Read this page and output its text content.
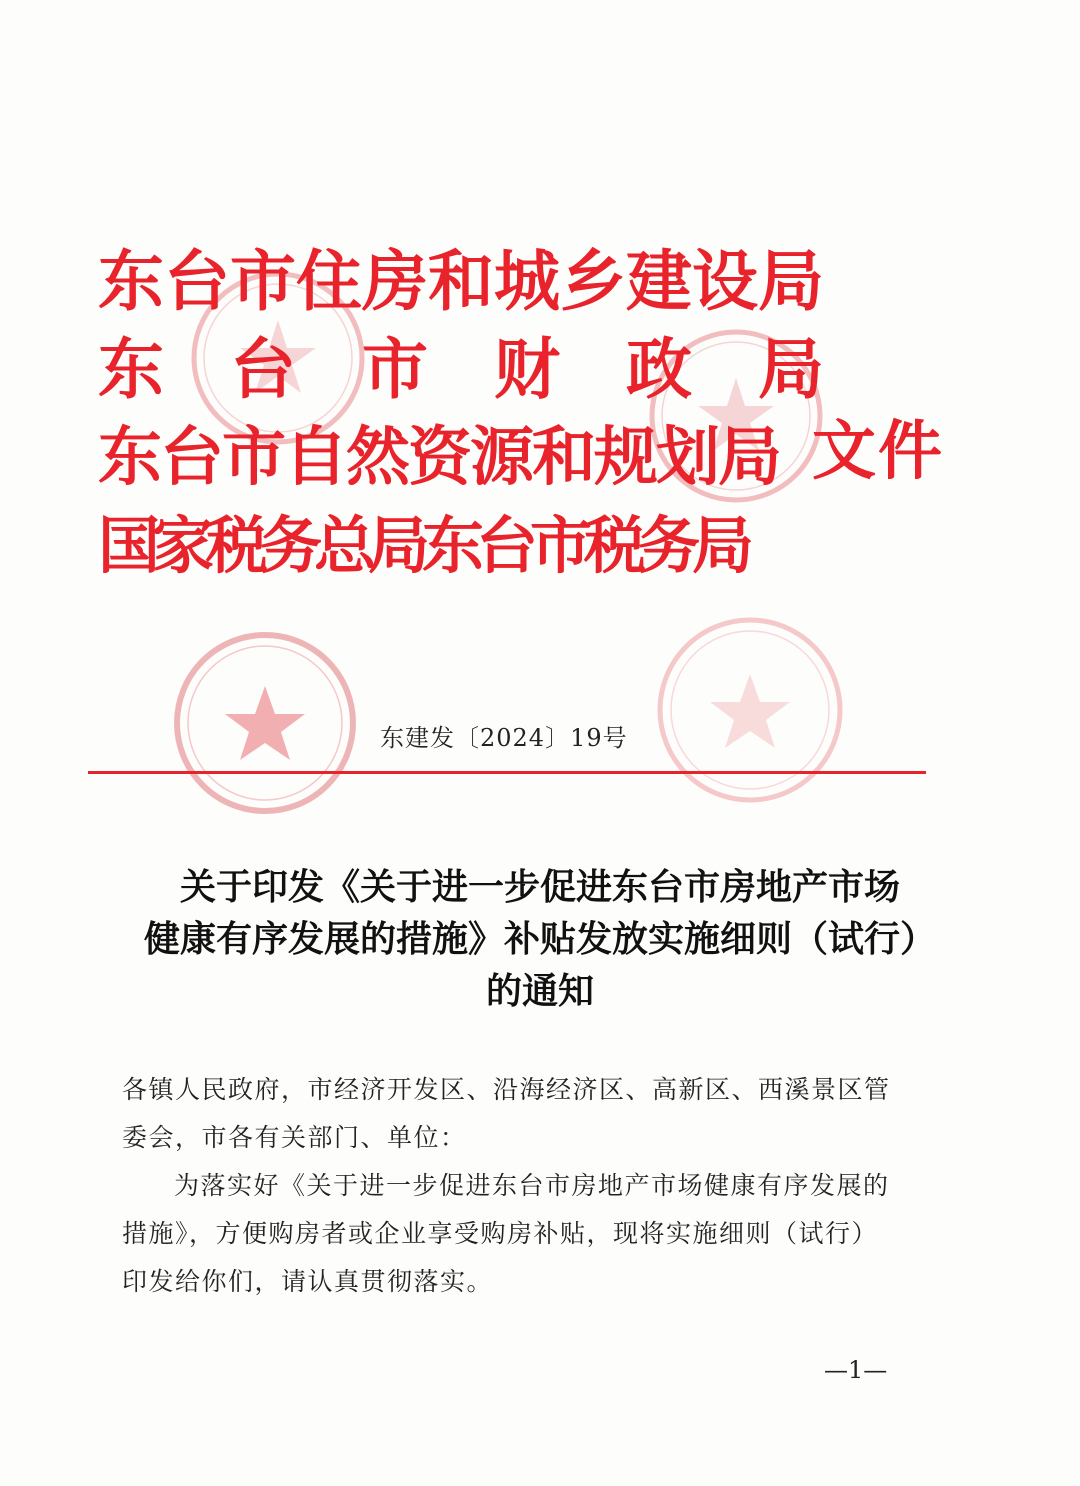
东台市住房和城乡建设局
东台市财政局
东台市自然资源和规划局
国家税务总局东台市税务局
文件
东建发〔2024〕19号
关于印发《关于进一步促进东台市房地产市场
健康有序发展的措施》补贴发放实施细则（试行）
的通知

各镇人民政府，市经济开发区、沿海经济区、高新区、西溪景区管委会，市各有关部门、单位：

为落实好《关于进一步促进东台市房地产市场健康有序发展的措施》，方便购房者或企业享受购房补贴，现将实施细则（试行）印发给你们，请认真贯彻落实。

—1—
